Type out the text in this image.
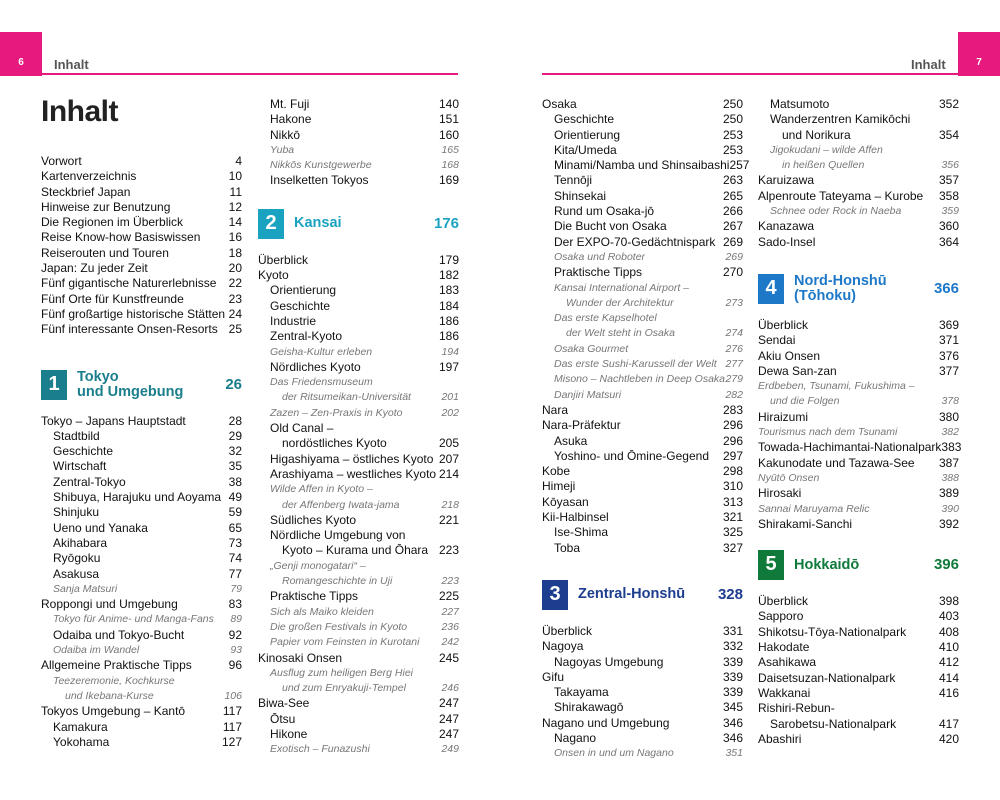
6	Inhalt	7
Inhalt
Inhalt
Vorwort	4
Kartenverzeichnis	10
Steckbrief Japan	11
Hinweise zur Benutzung	12
Die Regionen im Überblick	14
Reise Know-how Basiswissen 16
Reiserouten und Touren	18
Japan: Zu jeder Zeit	20
Fünf gigantische Naturerlebnisse 22
Fünf Orte für Kunstfreunde	23
Fünf großartige historische Stätten 24
Fünf interessante Onsen-Resorts 25
1	Tokyo
und Umgebung	26
Tokyo – Japans Hauptstadt	28
Stadtbild	29
Geschichte	32
Wirtschaft	35
Zentral-Tokyo	38
Shibuya, Harajuku und Aoyama 49
Shinjuku	59
Ueno und Yanaka	65
Akihabara	73
Ryōgoku	74
Asakusa	77
Sanja Matsuri	79
Roppongi und Umgebung	83
Tokyo für Anime- und Manga-Fans 89
Odaiba und Tokyo-Bucht	92
Odaiba im Wandel	93
Allgemeine Praktische Tipps	96
Teezeremonie, Kochkurse
und Ikebana-Kurse	106
Tokyos Umgebung – Kantō	117
Kamakura	117
Yokohama	127
Mt. Fuji	140
Hakone	151
Nikkō	160
Yuba	165
Nikkōs Kunstgewerbe	168
Inselketten Tokyos	169
2	Kansai	176
Überblick	179
Kyoto	182
Orientierung	183
Geschichte	184
Industrie	186
Zentral-Kyoto	186
Geisha-Kultur erleben	194
Nördliches Kyoto	197
Das Friedensmuseum
der Ritsumeikan-Universität	201
Zazen – Zen-Praxis in Kyoto	202
Old Canal –
nordöstliches Kyoto	205
Higashiyama – östliches Kyoto 207
Arashiyama – westliches Kyoto 214
Wilde Affen in Kyoto –
der Affenberg Iwata-jama	218
Südliches Kyoto	221
Nördliche Umgebung von
Kyoto – Kurama und Ōhara 223
„Genji monogatari“ –
Romangeschichte in Uji	223
Praktische Tipps	225
Sich als Maiko kleiden	227
Die großen Festivals in Kyoto	236
Papier vom Feinsten in Kurotani 242
Kinosaki Onsen	245
Ausflug zum heiligen Berg Hiei
und zum Enryakuji-Tempel	246
Biwa-See	247
Ōtsu	247
Hikone	247
Exotisch – Funazushi	249
Osaka	250
Geschichte	250
Orientierung	253
Kita/Umeda	253
Minami/Namba und Shinsaibashi 257
Tennōji	263
Shinsekai	265
Rund um Osaka-jō	266
Die Bucht von Osaka	267
Der EXPO-70-Gedächtnispark 269
Osaka und Roboter	269
Praktische Tipps	270
Kansai International Airport –
Wunder der Architektur	273
Das erste Kapselhotel
der Welt steht in Osaka	274
Osaka Gourmet	276
Das erste Sushi-Karussell der Welt 277
Misono – Nachtleben in Deep Osaka 279
Danjiri Matsuri	282
Nara	283
Nara-Präfektur	296
Asuka	296
Yoshino- und Ōmine-Gegend 297
Kobe	298
Himeji	310
Kōyasan	313
Kii-Halbinsel	321
Ise-Shima	325
Toba	327
3	Zentral-Honshū	328
Überblick	331
Nagoya	332
Nagoyas Umgebung	339
Gifu	339
Takayama	339
Shirakawagō	345
Nagano und Umgebung	346
Nagano	346
Onsen in und um Nagano	351
Matsumoto	352
Wanderzentren Kamikōchi
und Norikura	354
Jigokudani – wilde Affen
in heißen Quellen	356
Karuizawa	357
Alpenroute Tateyama – Kurobe 358
Schnee oder Rock in Naeba	359
Kanazawa	360
Sado-Insel	364
4	Nord-Honshū
(Tōhoku)	366
Überblick	369
Sendai	371
Akiu Onsen	376
Dewa San-zan	377
Erdbeben, Tsunami, Fukushima –
und die Folgen	378
Hiraizumi	380
Tourismus nach dem Tsunami	382
Towada-Hachimantai-Nationalpark 383
Kakunodate und Tazawa-See 387
Nyūtō Onsen	388
Hirosaki	389
Sannai Maruyama Relic	390
Shirakami-Sanchi	392
5	Hokkaidō	396
Überblick	398
Sapporo	403
Shikotsu-Tōya-Nationalpark	408
Hakodate	410
Asahikawa	412
Daisetsuzan-Nationalpark	414
Wakkanai	416
Rishiri-Rebun-
Sarobetsu-Nationalpark	417
Abashiri	420
